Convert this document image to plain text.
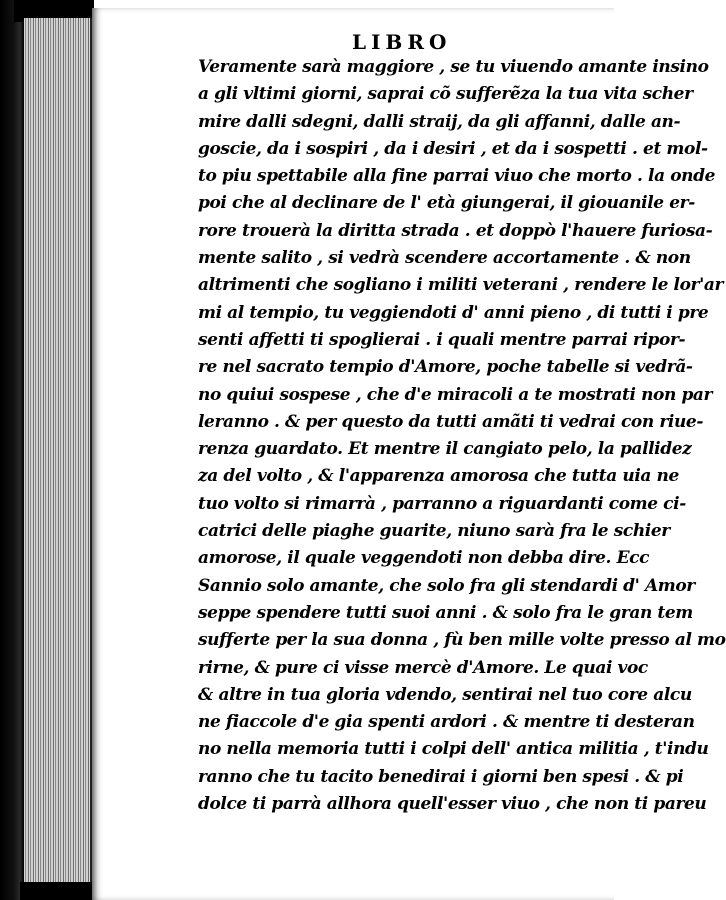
LIBRO
Veramente sarà maggiore , se tu viuendo amante insino
a gli vltimi giorni, saprai cõ sufferẽza la tua vita scher
mire dalli sdegni, dalli straij, da gli affanni, dalle an-
goscie, da i sospiri , da i desiri , et da i sospetti . et mol-
to piu spettabile alla fine parrai viuo che morto . la onde
poi che al declinare de l' età giungerai, il giouanile er-
rore trouerà la diritta strada . et doppò l'hauere furiosa-
mente salito , si vedrà scendere accortamente . & non
altrimenti che sogliano i militi veterani , rendere le lor'ar
mi al tempio, tu veggiendoti d' anni pieno , di tutti i pre
senti affetti ti spoglierai . i quali mentre parrai ripor-
re nel sacrato tempio d'Amore, poche tabelle si vedrã-
no quiui sospese , che d'e miracoli a te mostrati non par
leranno . & per questo da tutti amãti ti vedrai con riue-
renza guardato. Et mentre il cangiato pelo, la pallidez
za del volto , & l'apparenza amorosa che tutta uia ne
tuo volto si rimarrà , parranno a riguardanti come ci-
catrici delle piaghe guarite, niuno sarà fra le schier
amorose, il quale veggendoti non debba dire. Ecc
Sannio solo amante, che solo fra gli stendardi d' Amor
seppe spendere tutti suoi anni . & solo fra le gran tem
sufferte per la sua donna , fù ben mille volte presso al mo
rirne, & pure ci visse mercè d'Amore. Le quai voc
& altre in tua gloria vdendo, sentirai nel tuo core alcu
ne fiaccole d'e gia spenti ardori . & mentre ti desteran
no nella memoria tutti i colpi dell' antica militia , t'indu
ranno che tu tacito benedirai i giorni ben spesi . & pi
dolce ti parrà allhora quell'esser viuo , che non ti pareu
